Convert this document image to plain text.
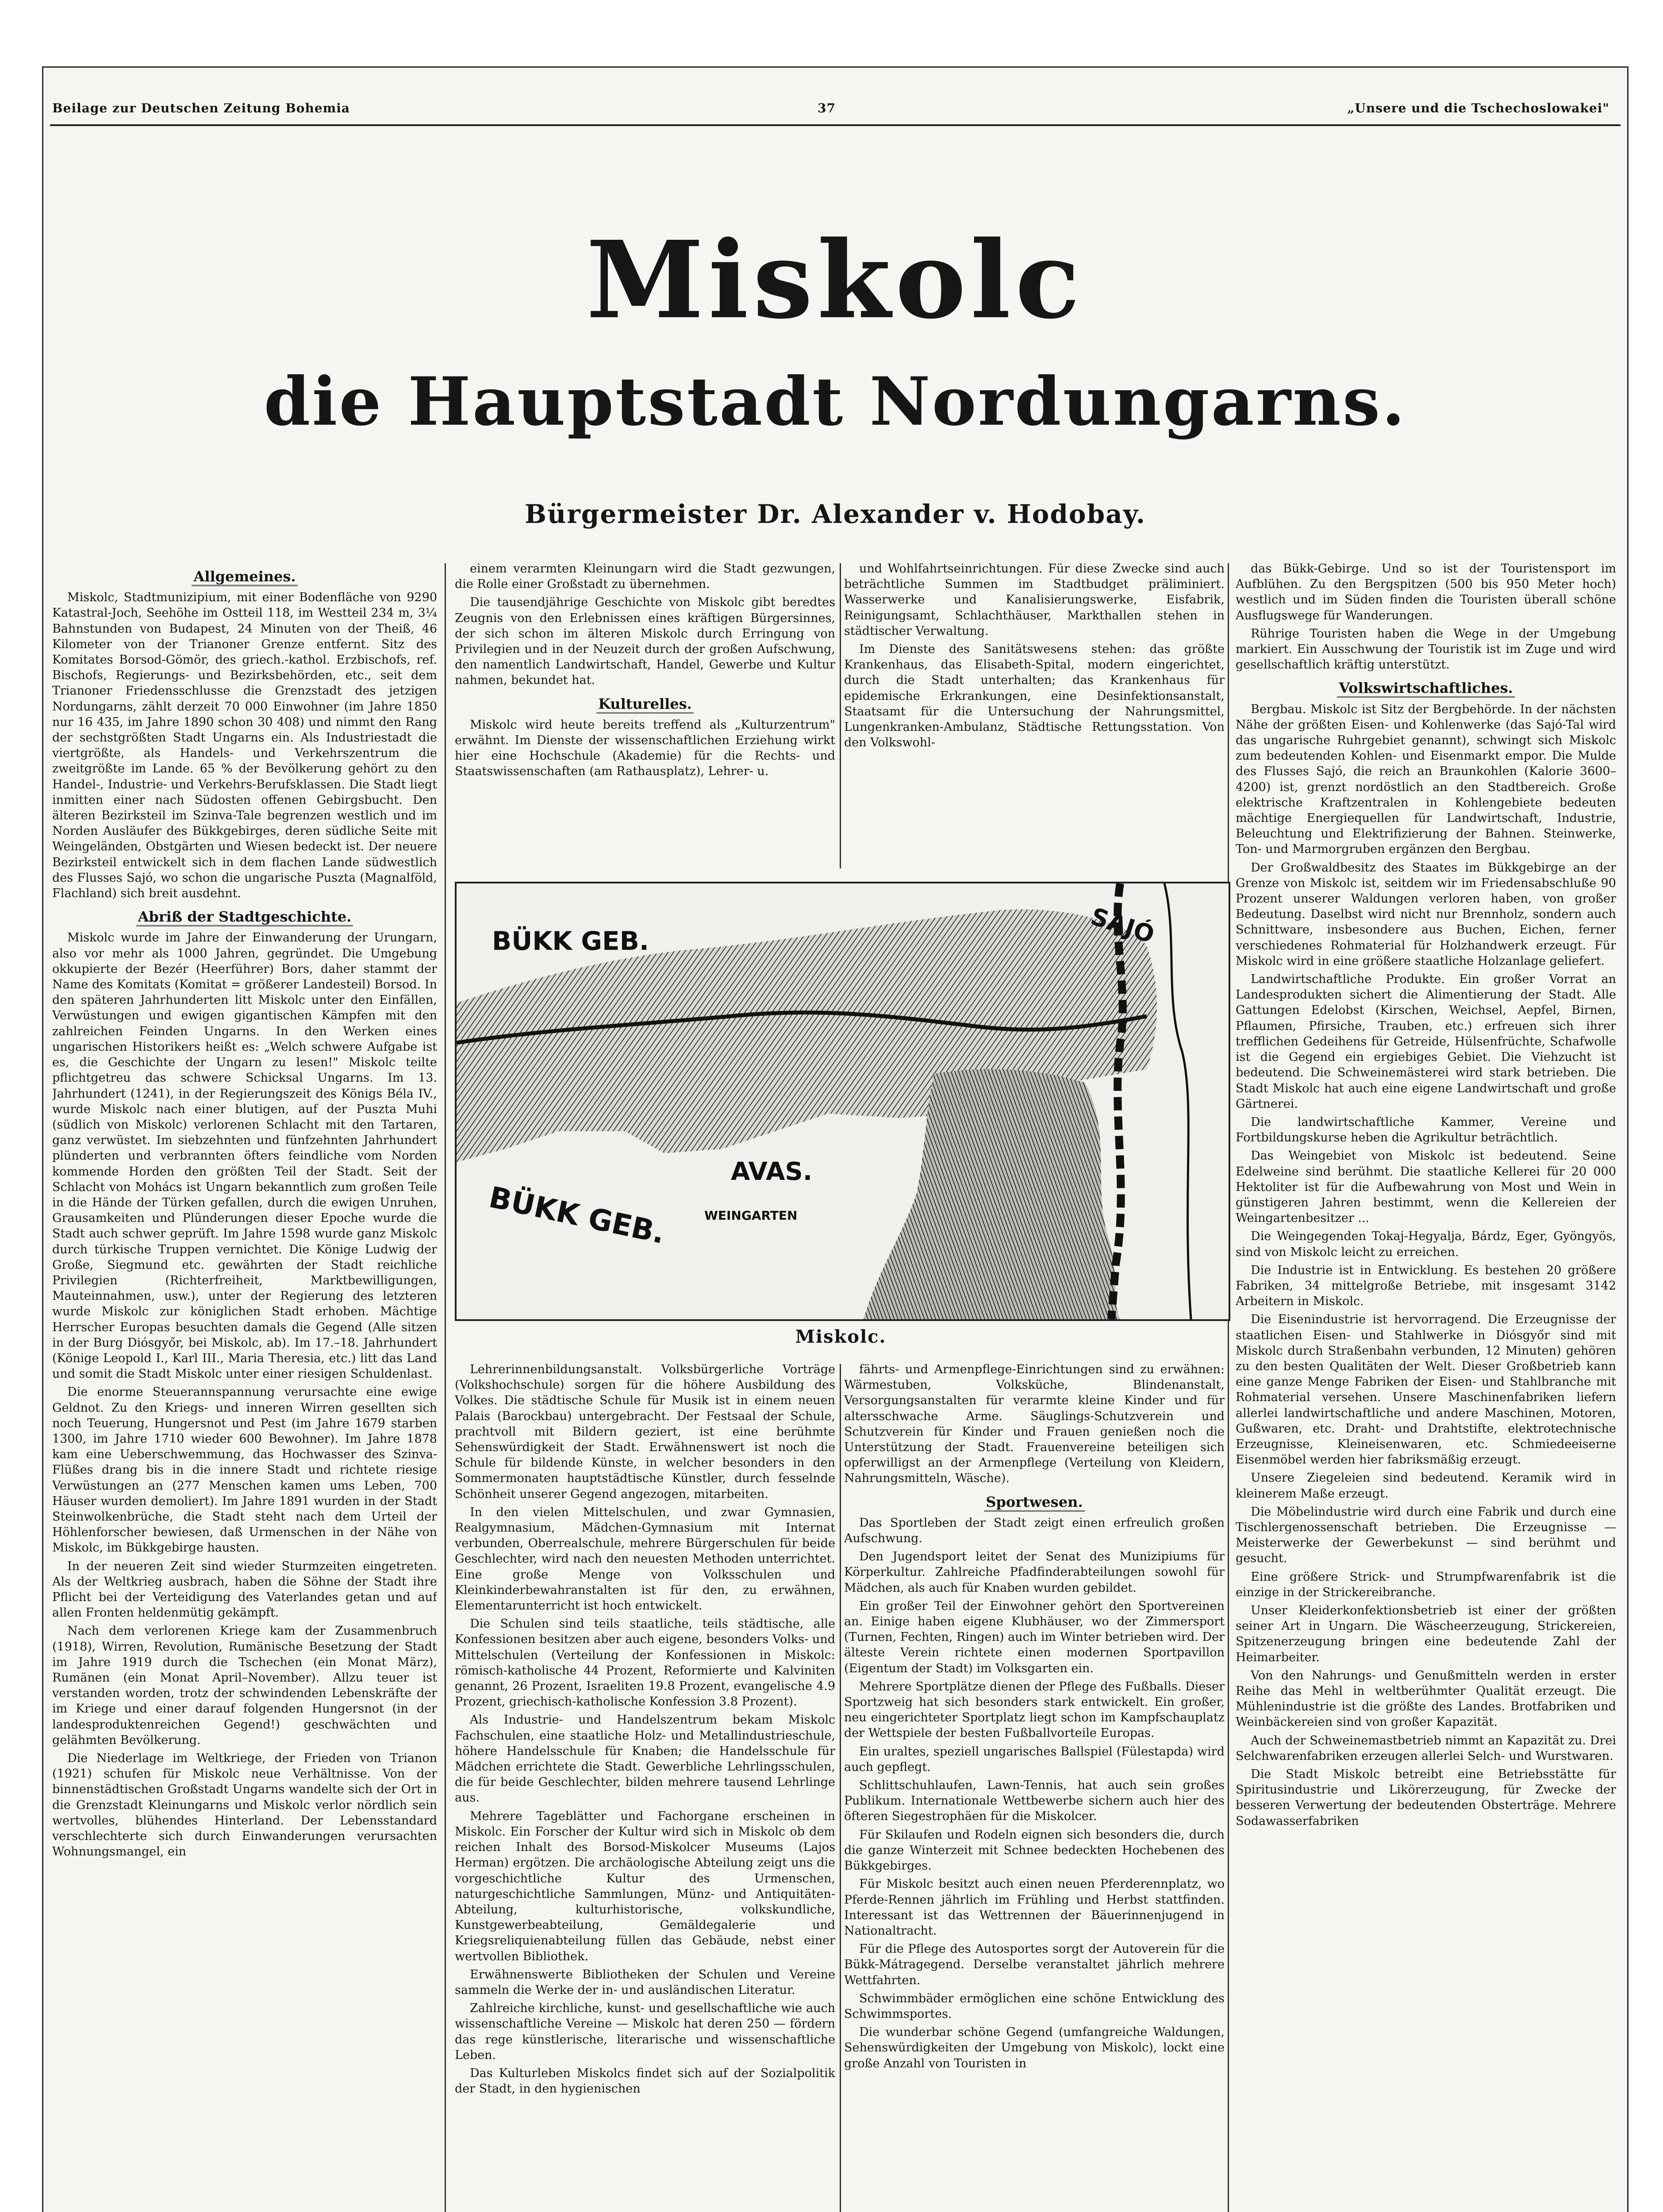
Beilage zur Deutschen Zeitung Bohemia	37	„Unsere und die Tschechoslowakei"
Miskolc
die Hauptstadt Nordungarns.
Bürgermeister Dr. Alexander v. Hodobay.
Allgemeines.

Miskolc, Stadtmunizipium, mit einer Bodenfläche von 9290 Katastral-Joch, Seehöhe im Ostteil 118, im Westteil 234 m, 3¼ Bahnstunden von Budapest, 24 Minuten von der Theiß, 46 Kilometer von der Trianoner Grenze entfernt. Sitz des Komitates Borsod-Gömör, des griech.-kathol. Erzbischofs, ref. Bischofs, Regierungs- und Bezirksbehörden, etc., seit dem Trianoner Friedensschlusse die Grenzstadt des jetzigen Nordungarns, zählt derzeit 70 000 Einwohner (im Jahre 1850 nur 16 435, im Jahre 1890 schon 30 408) und nimmt den Rang der sechstgrößten Stadt Ungarns ein. Als Industriestadt die viertgrößte, als Handels- und Verkehrszentrum die zweitgrößte im Lande. 65 % der Bevölkerung gehört zu den Handel-, Industrie- und Verkehrs-Berufsklassen. Die Stadt liegt inmitten einer nach Südosten offenen Gebirgsbucht. Den älteren Bezirksteil im Szinva-Tale begrenzen westlich und im Norden Ausläufer des Bükkgebirges, deren südliche Seite mit Weingeländen, Obstgärten und Wiesen bedeckt ist. Der neuere Bezirksteil entwickelt sich in dem flachen Lande südwestlich des Flusses Sajó, wo schon die ungarische Puszta (Magnalföld, Flachland) sich breit ausdehnt.

Abriß der Stadtgeschichte.

Miskolc wurde im Jahre der Einwanderung der Urungarn, also vor mehr als 1000 Jahren, gegründet. Die Umgebung okkupierte der Bezér (Heerführer) Bors, daher stammt der Name des Komitats (Komitat = größerer Landesteil) Borsod. In den späteren Jahrhunderten litt Miskolc unter den Einfällen, Verwüstungen und ewigen gigantischen Kämpfen mit den zahlreichen Feinden Ungarns. In den Werken eines ungarischen Historikers heißt es: „Welch schwere Aufgabe ist es, die Geschichte der Ungarn zu lesen!" Miskolc teilte pflichtgetreu das schwere Schicksal Ungarns. Im 13. Jahrhundert (1241), in der Regierungszeit des Königs Béla IV., wurde Miskolc nach einer blutigen, auf der Puszta Muhi (südlich von Miskolc) verlorenen Schlacht mit den Tartaren, ganz verwüstet. Im siebzehnten und fünfzehnten Jahrhundert plünderten und verbrannten öfters feindliche vom Norden kommende Horden den größten Teil der Stadt. Seit der Schlacht von Mohács ist Ungarn bekanntlich zum großen Teile in die Hände der Türken gefallen, durch die ewigen Unruhen, Grausamkeiten und Plünderungen dieser Epoche wurde die Stadt auch schwer geprüft. Im Jahre 1598 wurde ganz Miskolc durch türkische Truppen vernichtet. Die Könige Ludwig der Große, Siegmund etc. gewährten der Stadt reichliche Privilegien (Richterfreiheit, Marktbewilligungen, Mauteinnahmen, usw.), unter der Regierung des letzteren wurde Miskolc zur königlichen Stadt erhoben. Mächtige Herrscher Europas besuchten damals die Gegend (Alle sitzen in der Burg Diósgyőr, bei Miskolc, ab). Im 17.–18. Jahrhundert (Könige Leopold I., Karl III., Maria Theresia, etc.) litt das Land und somit die Stadt Miskolc unter einer riesigen Schuldenlast.

Die enorme Steuerannspannung verursachte eine ewige Geldnot. Zu den Kriegs- und inneren Wirren gesellten sich noch Teuerung, Hungersnot und Pest (im Jahre 1679 starben 1300, im Jahre 1710 wieder 600 Bewohner). Im Jahre 1878 kam eine Ueberschwemmung, das Hochwasser des Szinva-Flüßes drang bis in die innere Stadt und richtete riesige Verwüstungen an (277 Menschen kamen ums Leben, 700 Häuser wurden demoliert). Im Jahre 1891 wurden in der Stadt Steinwolkenbrüche, die Stadt steht nach dem Urteil der Höhlenforscher bewiesen, daß Urmenschen in der Nähe von Miskolc, im Bükkgebirge hausten.

In der neueren Zeit sind wieder Sturmzeiten eingetreten. Als der Weltkrieg ausbrach, haben die Söhne der Stadt ihre Pflicht bei der Verteidigung des Vaterlandes getan und auf allen Fronten heldenmütig gekämpft.

Nach dem verlorenen Kriege kam der Zusammenbruch (1918), Wirren, Revolution, Rumänische Besetzung der Stadt im Jahre 1919 durch die Tschechen (ein Monat März), Rumänen (ein Monat April–November). Allzu teuer ist verstanden worden, trotz der schwindenden Lebenskräfte der im Kriege und einer darauf folgenden Hungersnot (in der landesproduktenreichen Gegend!) geschwächten und gelähmten Bevölkerung.

Die Niederlage im Weltkriege, der Frieden von Trianon (1921) schufen für Miskolc neue Verhältnisse. Von der binnenstädtischen Großstadt Ungarns wandelte sich der Ort in die Grenzstadt Kleinungarns und Miskolc verlor nördlich sein wertvolles, blühendes Hinterland. Der Lebensstandard verschlechterte sich durch Einwanderungen verursachten Wohnungsmangel, ein

einem verarmten Kleinungarn wird die Stadt gezwungen, die Rolle einer Großstadt zu übernehmen.

Die tausendjährige Geschichte von Miskolc gibt beredtes Zeugnis von den Erlebnissen eines kräftigen Bürgersinnes, der sich schon im älteren Miskolc durch Erringung von Privilegien und in der Neuzeit durch der großen Aufschwung, den namentlich Landwirtschaft, Handel, Gewerbe und Kultur nahmen, bekundet hat.

Kulturelles.

Miskolc wird heute bereits treffend als „Kulturzentrum" erwähnt. Im Dienste der wissenschaftlichen Erziehung wirkt hier eine Hochschule (Akademie) für die Rechts- und Staatswissenschaften (am Rathausplatz), Lehrer- u.

und Wohlfahrtseinrichtungen. Für diese Zwecke sind auch beträchtliche Summen im Stadtbudget präliminiert. Wasserwerke und Kanalisierungswerke, Eisfabrik, Reinigungsamt, Schlachthäuser, Markthallen stehen in städtischer Verwaltung.

Im Dienste des Sanitätswesens stehen: das größte Krankenhaus, das Elisabeth-Spital, modern eingerichtet, durch die Stadt unterhalten; das Krankenhaus für epidemische Erkrankungen, eine Desinfektionsanstalt, Staatsamt für die Untersuchung der Nahrungsmittel, Lungenkranken-Ambulanz, Städtische Rettungsstation. Von den Volkswohl-

das Bükk-Gebirge. Und so ist der Touristensport im Aufblühen. Zu den Bergspitzen (500 bis 950 Meter hoch) westlich und im Süden finden die Touristen überall schöne Ausflugswege für Wanderungen.

Rührige Touristen haben die Wege in der Umgebung markiert. Ein Ausschwung der Touristik ist im Zuge und wird gesellschaftlich kräftig unterstützt.

Volkswirtschaftliches.

Bergbau. Miskolc ist Sitz der Bergbehörde. In der nächsten Nähe der größten Eisen- und Kohlenwerke (das Sajó-Tal wird das ungarische Ruhrgebiet genannt), schwingt sich Miskolc zum bedeutenden Kohlen- und Eisenmarkt empor. Die Mulde des Flusses Sajó, die reich an Braunkohlen (Kalorie 3600–4200) ist, grenzt nordöstlich an den Stadtbereich. Große elektrische Kraftzentralen in Kohlengebiete bedeuten mächtige Energiequellen für Landwirtschaft, Industrie, Beleuchtung und Elektrifizierung der Bahnen. Steinwerke, Ton- und Marmorgruben ergänzen den Bergbau.

Der Großwaldbesitz des Staates im Bükkgebirge an der Grenze von Miskolc ist, seitdem wir im Friedensabschluße 90 Prozent unserer Waldungen verloren haben, von großer Bedeutung. Daselbst wird nicht nur Brennholz, sondern auch Schnittware, insbesondere aus Buchen, Eichen, ferner verschiedenes Rohmaterial für Holzhandwerk erzeugt. Für Miskolc wird in eine größere staatliche Holzanlage geliefert.

Landwirtschaftliche Produkte. Ein großer Vorrat an Landesprodukten sichert die Alimentierung der Stadt. Alle Gattungen Edelobst (Kirschen, Weichsel, Aepfel, Birnen, Pflaumen, Pfirsiche, Trauben, etc.) erfreuen sich ihrer trefflichen Gedeihens für Getreide, Hülsenfrüchte, Schafwolle ist die Gegend ein ergiebiges Gebiet. Die Viehzucht ist bedeutend. Die Schweinemästerei wird stark betrieben. Die Stadt Miskolc hat auch eine eigene Landwirtschaft und große Gärtnerei.

Die landwirtschaftliche Kammer, Vereine und Fortbildungskurse heben die Agrikultur beträchtlich.

Das Weingebiet von Miskolc ist bedeutend. Seine Edelweine sind berühmt. Die staatliche Kellerei für 20 000 Hektoliter ist für die Aufbewahrung von Most und Wein in günstigeren Jahren bestimmt, wenn die Kellereien der Weingartenbesitzer ...

Die Weingegenden Tokaj-Hegyalja, Bárdz, Eger, Gyöngyös, sind von Miskolc leicht zu erreichen.

Die Industrie ist in Entwicklung. Es bestehen 20 größere Fabriken, 34 mittelgroße Betriebe, mit insgesamt 3142 Arbeitern in Miskolc.

Die Eisenindustrie ist hervorragend. Die Erzeugnisse der staatlichen Eisen- und Stahlwerke in Diósgyőr sind mit Miskolc durch Straßenbahn verbunden, 12 Minuten) gehören zu den besten Qualitäten der Welt. Dieser Großbetrieb kann eine ganze Menge Fabriken der Eisen- und Stahlbranche mit Rohmaterial versehen. Unsere Maschinenfabriken liefern allerlei landwirtschaftliche und andere Maschinen, Motoren, Gußwaren, etc. Draht- und Drahtstifte, elektrotechnische Erzeugnisse, Kleineisenwaren, etc. Schmiedeeiserne Eisenmöbel werden hier fabriksmäßig erzeugt.

Unsere Ziegeleien sind bedeutend. Keramik wird in kleinerem Maße erzeugt.

Die Möbelindustrie wird durch eine Fabrik und durch eine Tischlergenossenschaft betrieben. Die Erzeugnisse — Meisterwerke der Gewerbekunst — sind berühmt und gesucht.

Eine größere Strick- und Strumpfwarenfabrik ist die einzige in der Strickereibranche.

Unser Kleiderkonfektionsbetrieb ist einer der größten seiner Art in Ungarn. Die Wäscheerzeugung, Strickereien, Spitzenerzeugung bringen eine bedeutende Zahl der Heimarbeiter.

Von den Nahrungs- und Genußmitteln werden in erster Reihe das Mehl in weltberühmter Qualität erzeugt. Die Mühlenindustrie ist die größte des Landes. Brotfabriken und Weinbäckereien sind von großer Kapazität.

Auch der Schweinemastbetrieb nimmt an Kapazität zu. Drei Selchwarenfabriken erzeugen allerlei Selch- und Wurstwaren.

Die Stadt Miskolc betreibt eine Betriebsstätte für Spiritusindustrie und Likörerzeugung, für Zwecke der besseren Verwertung der bedeutenden Obsterträge. Mehrere Sodawasserfabriken

BÜKK GEB.	SAJÓ
AVAS.
BÜKK GEB.	WEINGARTEN
Miskolc.

Lehrerinnenbildungsanstalt. Volksbürgerliche Vorträge (Volkshochschule) sorgen für die höhere Ausbildung des Volkes. Die städtische Schule für Musik ist in einem neuen Palais (Barockbau) untergebracht. Der Festsaal der Schule, prachtvoll mit Bildern geziert, ist eine berühmte Sehenswürdigkeit der Stadt. Erwähnenswert ist noch die Schule für bildende Künste, in welcher besonders in den Sommermonaten hauptstädtische Künstler, durch fesselnde Schönheit unserer Gegend angezogen, mitarbeiten.

In den vielen Mittelschulen, und zwar Gymnasien, Realgymnasium, Mädchen-Gymnasium mit Internat verbunden, Oberrealschule, mehrere Bürgerschulen für beide Geschlechter, wird nach den neuesten Methoden unterrichtet. Eine große Menge von Volksschulen und Kleinkinderbewahranstalten ist für den, zu erwähnen, Elementarunterricht ist hoch entwickelt.

Die Schulen sind teils staatliche, teils städtische, alle Konfessionen besitzen aber auch eigene, besonders Volks- und Mittelschulen (Verteilung der Konfessionen in Miskolc: römisch-katholische 44 Prozent, Reformierte und Kalviniten genannt, 26 Prozent, Israeliten 19.8 Prozent, evangelische 4.9 Prozent, griechisch-katholische Konfession 3.8 Prozent).

Als Industrie- und Handelszentrum bekam Miskolc Fachschulen, eine staatliche Holz- und Metallindustrieschule, höhere Handelsschule für Knaben; die Handelsschule für Mädchen errichtete die Stadt. Gewerbliche Lehrlingsschulen, die für beide Geschlechter, bilden mehrere tausend Lehrlinge aus.

Mehrere Tageblätter und Fachorgane erscheinen in Miskolc. Ein Forscher der Kultur wird sich in Miskolc ob dem reichen Inhalt des Borsod-Miskolcer Museums (Lajos Herman) ergötzen. Die archäologische Abteilung zeigt uns die vorgeschichtliche Kultur des Urmenschen, naturgeschichtliche Sammlungen, Münz- und Antiquitäten-Abteilung, kulturhistorische, volkskundliche, Kunstgewerbeabteilung, Gemäldegalerie und Kriegsreliquienabteilung füllen das Gebäude, nebst einer wertvollen Bibliothek.

Erwähnenswerte Bibliotheken der Schulen und Vereine sammeln die Werke der in- und ausländischen Literatur.

Zahlreiche kirchliche, kunst- und gesellschaftliche wie auch wissenschaftliche Vereine — Miskolc hat deren 250 — fördern das rege künstlerische, literarische und wissenschaftliche Leben.

Das Kulturleben Miskolcs findet sich auf der Sozialpolitik der Stadt, in den hygienischen

fährts- und Armenpflege-Einrichtungen sind zu erwähnen: Wärmestuben, Volksküche, Blindenanstalt, Versorgungsanstalten für verarmte kleine Kinder und für altersschwache Arme. Säuglings-Schutzverein und Schutzverein für Kinder und Frauen genießen noch die Unterstützung der Stadt. Frauenvereine beteiligen sich opferwilligst an der Armenpflege (Verteilung von Kleidern, Nahrungsmitteln, Wäsche).

Sportwesen.

Das Sportleben der Stadt zeigt einen erfreulich großen Aufschwung.

Den Jugendsport leitet der Senat des Munizipiums für Körperkultur. Zahlreiche Pfadfinderabteilungen sowohl für Mädchen, als auch für Knaben wurden gebildet.

Ein großer Teil der Einwohner gehört den Sportvereinen an. Einige haben eigene Klubhäuser, wo der Zimmersport (Turnen, Fechten, Ringen) auch im Winter betrieben wird. Der älteste Verein richtete einen modernen Sportpavillon (Eigentum der Stadt) im Volksgarten ein.

Mehrere Sportplätze dienen der Pflege des Fußballs. Dieser Sportzweig hat sich besonders stark entwickelt. Ein großer, neu eingerichteter Sportplatz liegt schon im Kampfschauplatz der Wettspiele der besten Fußballvorteile Europas.

Ein uraltes, speziell ungarisches Ballspiel (Fülestapda) wird auch gepflegt.

Schlittschuhlaufen, Lawn-Tennis, hat auch sein großes Publikum. Internationale Wettbewerbe sichern auch hier des öfteren Siegestrophäen für die Miskolcer.

Für Skilaufen und Rodeln eignen sich besonders die, durch die ganze Winterzeit mit Schnee bedeckten Hochebenen des Bükkgebirges.

Für Miskolc besitzt auch einen neuen Pferderennplatz, wo Pferde-Rennen jährlich im Frühling und Herbst stattfinden. Interessant ist das Wettrennen der Bäuerinnenjugend in Nationaltracht.

Für die Pflege des Autosportes sorgt der Autoverein für die Bükk-Mátragegend. Derselbe veranstaltet jährlich mehrere Wettfahrten.

Schwimmbäder ermöglichen eine schöne Entwicklung des Schwimmsportes.

Die wunderbar schöne Gegend (umfangreiche Waldungen, Sehenswürdigkeiten der Umgebung von Miskolc), lockt eine große Anzahl von Touristen in
